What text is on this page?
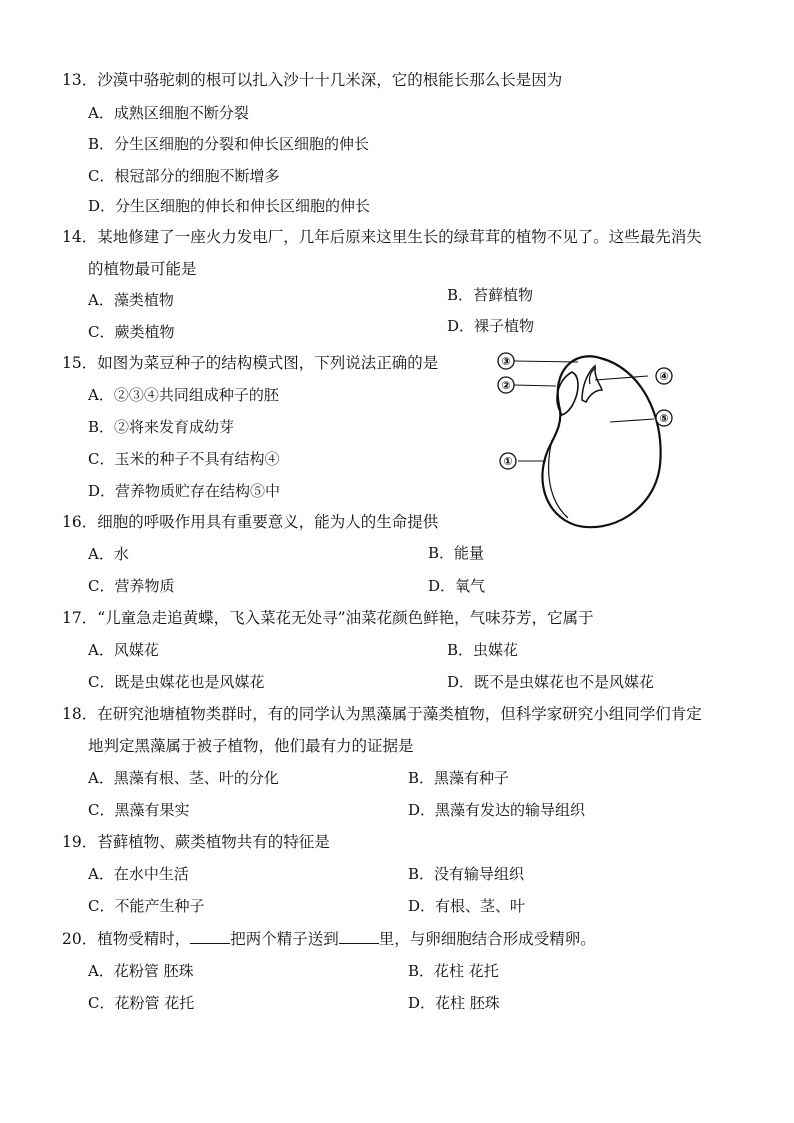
13．沙漠中骆驼刺的根可以扎入沙十十几米深，它的根能长那么长是因为
A．成熟区细胞不断分裂
B．分生区细胞的分裂和伸长区细胞的伸长
C．根冠部分的细胞不断增多
D．分生区细胞的伸长和伸长区细胞的伸长
14．某地修建了一座火力发电厂，几年后原来这里生长的绿茸茸的植物不见了。这些最先消失
的植物最可能是
A．藻类植物	B．苔藓植物
C．蕨类植物	D．裸子植物
15．如图为菜豆种子的结构模式图，下列说法正确的是
A．②③④共同组成种子的胚
B．②将来发育成幼芽
C．玉米的种子不具有结构④
D．营养物质贮存在结构⑤中
③
②
④
⑤
①
16．细胞的呼吸作用具有重要意义，能为人的生命提供
A．水	B．能量
C．营养物质	D．氧气
17．“儿童急走追黄蝶，飞入菜花无处寻”油菜花颜色鲜艳，气味芬芳，它属于
A．风媒花	B．虫媒花
C．既是虫媒花也是风媒花	D．既不是虫媒花也不是风媒花
18．在研究池塘植物类群时，有的同学认为黑藻属于藻类植物，但科学家研究小组同学们肯定
地判定黑藻属于被子植物，他们最有力的证据是
A．黑藻有根、茎、叶的分化	B．黑藻有种子
C．黑藻有果实	D．黑藻有发达的输导组织
19．苔藓植物、蕨类植物共有的特征是
A．在水中生活	B．没有输导组织
C．不能产生种子	D．有根、茎、叶
20．植物受精时，	把两个精子送到	里，与卵细胞结合形成受精卵。
A．花粉管 胚珠	B．花柱 花托
C．花粉管 花托	D．花柱 胚珠
